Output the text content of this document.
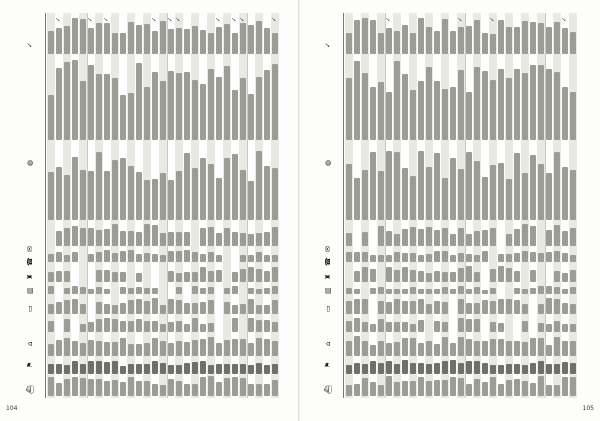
⛴
⚑
⌂
▭
▥
♜
☎
✉
◍
✓
✓	✓ ✓	✓ ✓ ✓	✓ ✓ ✓	✓
104
⛴
⚑
⌂
▭
▥
♜
☎
✉
◍
✓
✓	✓	✓	✓
105
